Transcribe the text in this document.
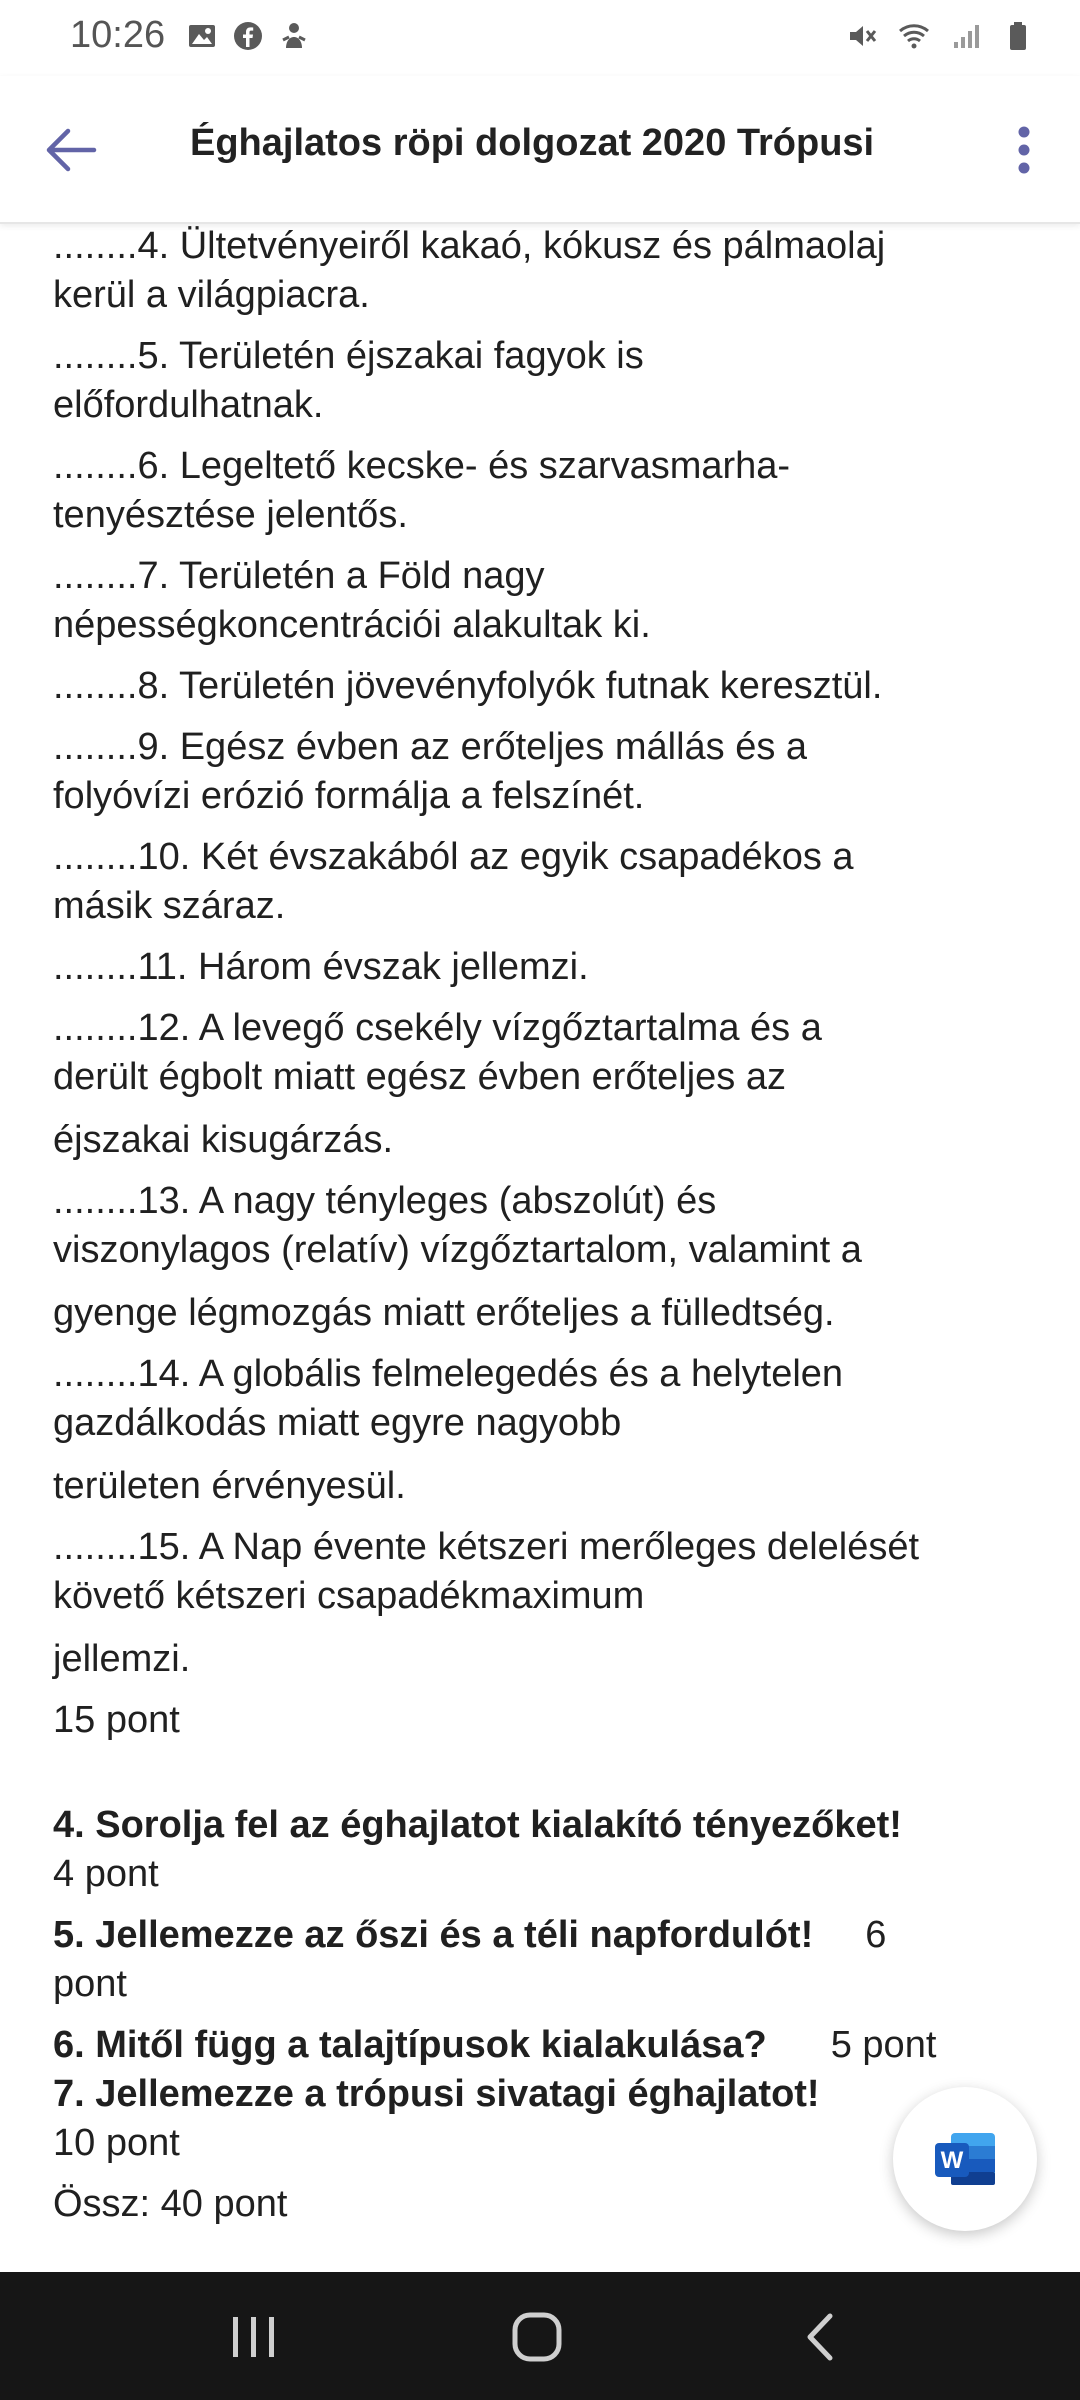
10:26
Éghajlatos röpi dolgozat 2020 Trópusi
........4. Ültetvényeiről kakaó, kókusz és pálmaolaj
kerül a világpiacra.
........5. Területén éjszakai fagyok is
előfordulhatnak.
........6. Legeltető kecske- és szarvasmarha-
tenyésztése jelentős.
........7. Területén a Föld nagy
népességkoncentrációi alakultak ki.
........8. Területén jövevényfolyók futnak keresztül.
........9. Egész évben az erőteljes mállás és a
folyóvízi erózió formálja a felszínét.
........10. Két évszakából az egyik csapadékos a
másik száraz.
........11. Három évszak jellemzi.
........12. A levegő csekély vízgőztartalma és a
derült égbolt miatt egész évben erőteljes az
éjszakai kisugárzás.
........13. A nagy tényleges (abszolút) és
viszonylagos (relatív) vízgőztartalom, valamint a
gyenge légmozgás miatt erőteljes a fülledtség.
........14. A globális felmelegedés és a helytelen
gazdálkodás miatt egyre nagyobb
területen érvényesül.
........15. A Nap évente kétszeri merőleges delelését
követő kétszeri csapadékmaximum
jellemzi.
15 pont
4. Sorolja fel az éghajlatot kialakító tényezőket!
4 pont
5. Jellemezze az őszi és a téli napfordulót! 6
pont
6. Mitől függ a talajtípusok kialakulása? 5 pont
7. Jellemezze a trópusi sivatagi éghajlatot!
10 pont
Össz: 40 pont
W
